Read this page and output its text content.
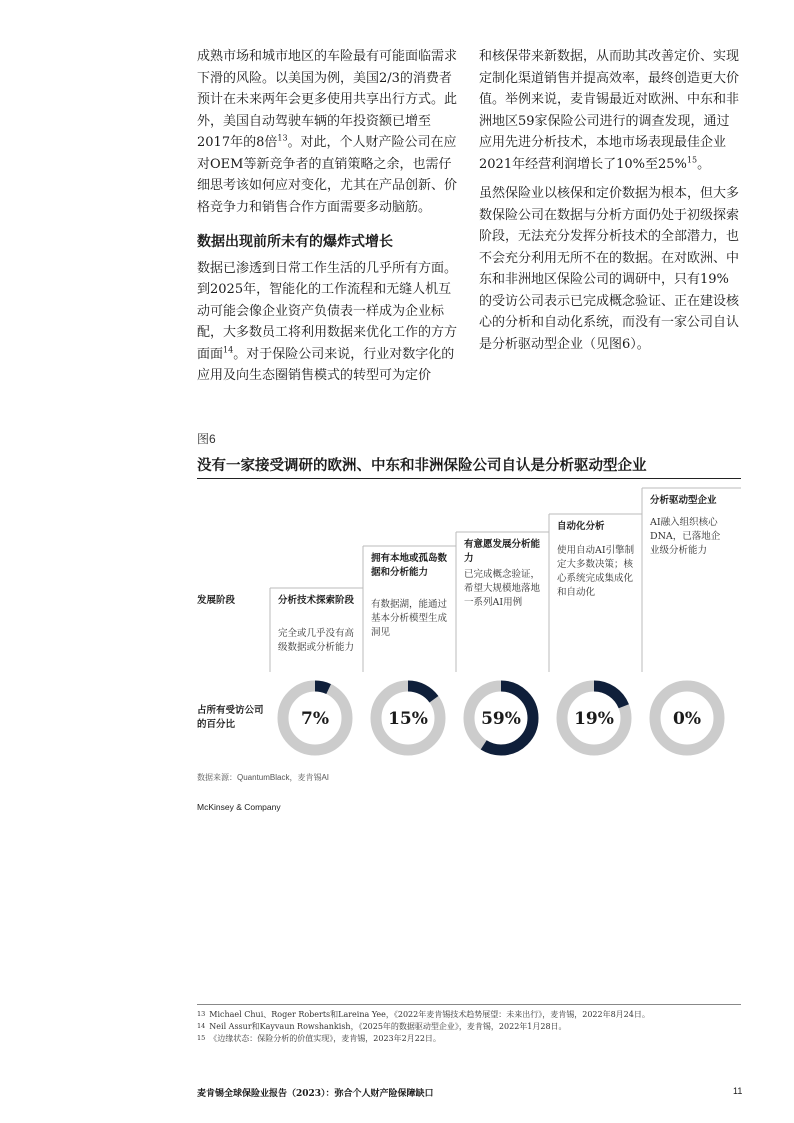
成熟市场和城市地区的车险最有可能面临需求下滑的风险。以美国为例，美国2/3的消费者预计在未来两年会更多使用共享出行方式。此外，美国自动驾驶车辆的年投资额已增至2017年的8倍$^{13}$。对此，个人财产险公司在应对OEM等新竞争者的直销策略之余，也需仔细思考该如何应对变化，尤其在产品创新、价格竞争力和销售合作方面需要多动脑筋。

数据出现前所未有的爆炸式增长

数据已渗透到日常工作生活的几乎所有方面。到2025年，智能化的工作流程和无缝人机互动可能会像企业资产负债表一样成为企业标配，大多数员工将利用数据来优化工作的方方面面$^{14}$。对于保险公司来说，行业对数字化的应用及向生态圈销售模式的转型可为定价

和核保带来新数据，从而助其改善定价、实现定制化渠道销售并提高效率，最终创造更大价值。举例来说，麦肯锡最近对欧洲、中东和非洲地区59家保险公司进行的调查发现，通过应用先进分析技术，本地市场表现最佳企业2021年经营利润增长了10%至25%$^{15}$。

虽然保险业以核保和定价数据为根本，但大多数保险公司在数据与分析方面仍处于初级探索阶段，无法充分发挥分析技术的全部潜力，也不会充分利用无所不在的数据。在对欧洲、中东和非洲地区保险公司的调研中，只有19%的受访公司表示已完成概念验证、正在建设核心的分析和自动化系统，而没有一家公司自认是分析驱动型企业（见图6）。

图6
没有一家接受调研的欧洲、中东和非洲保险公司自认是分析驱动型企业
7%	15%	59%	19%	0%
分析技术探索阶段
完全或几乎没有高级数据或分析能力
拥有本地或孤岛数据和分析能力
有数据湖，能通过基本分析模型生成洞见
有意愿发展分析能力
已完成概念验证，希望大规模地落地一系列AI用例
自动化分析
使用自动AI引擎制定大多数决策；核心系统完成集成化和自动化
分析驱动型企业
AI融入组织核心DNA，已落地企业级分析能力
发展阶段
占所有受访公司的百分比
数据来源：QuantumBlack，麦肯锡AI
McKinsey & Company
$^{13}$ Michael Chui、Roger Roberts和Lareina Yee，《2022年麦肯锡技术趋势展望：未来出行》，麦肯锡，2022年8月24日。
$^{14}$ Neil Assur和Kayvaun Rowshankish，《2025年的数据驱动型企业》，麦肯锡，2022年1月28日。
$^{15}$ 《边缘状态：保险分析的价值实现》，麦肯锡，2023年2月22日。
麦肯锡全球保险业报告（2023）：弥合个人财产险保障缺口	11
